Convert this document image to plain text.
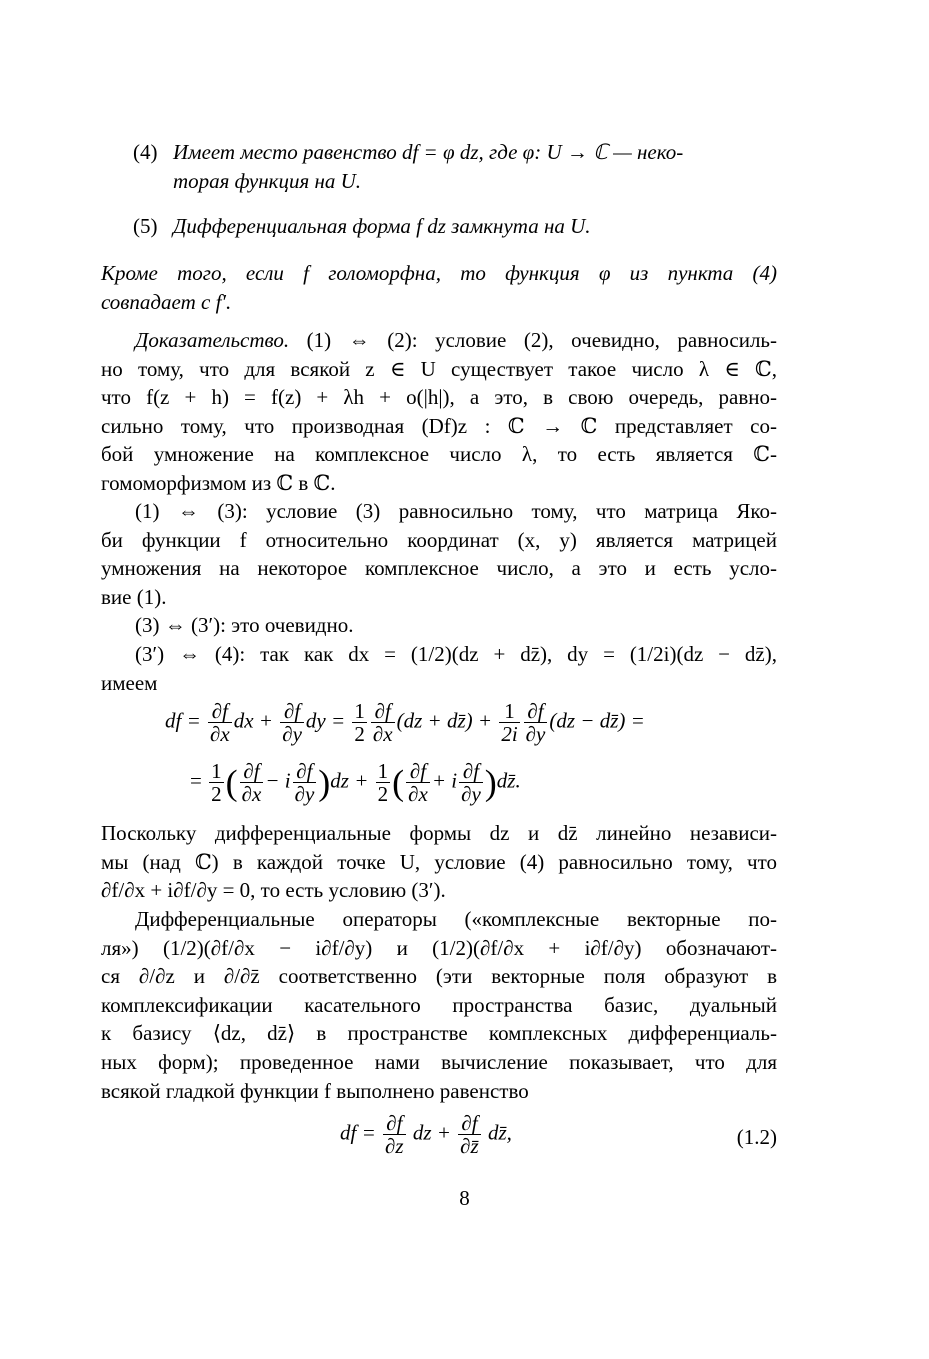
(4) Имеет место равенство df = φ dz, где φ: U → ℂ — неко-
торая функция на U.
(5) Дифференциальная форма f dz замкнута на U.
Кроме того, если f голоморфна, то функция φ из пункта (4)
совпадает с f′.
Доказательство. (1) ⇔ (2): условие (2), очевидно, равносиль-
но тому, что для всякой z ∈ U существует такое число λ ∈ ℂ,
что f(z + h) = f(z) + λh + o(|h|), а это, в свою очередь, равно-
сильно тому, что производная (Df)z : ℂ → ℂ представляет со-
бой умножение на комплексное число λ, то есть является ℂ-
гомоморфизмом из ℂ в ℂ.
(1) ⇔ (3): условие (3) равносильно тому, что матрица Яко-
би функции f относительно координат (x, y) является матрицей
умножения на некоторое комплексное число, а это и есть усло-
вие (1).
(3) ⇔ (3′): это очевидно.
(3′) ⇔ (4): так как dx = (1/2)(dz + dz̄), dy = (1/2i)(dz − dz̄),
имеем
df = $\frac{\partial f}{\partial x}$ dx + $\frac{\partial f}{\partial y}$ dy = $\frac{1}{2} \frac{\partial f}{\partial x} (dz$ + dz̄) + $\frac{1}{2i} \frac{\partial f}{\partial y} (dz$ − dz̄) =
= $\frac{1}{2}$ ( $\frac{\partial f}{\partial x} - i \frac{\partial f}{\partial y} )dz + \frac{1}{2}$ ( $\frac{\partial f}{\partial x} + i \frac{\partial f}{\partial y}$ )dz̄.
Поскольку дифференциальные формы dz и dz̄ линейно независи-
мы (над ℂ) в каждой точке U, условие (4) равносильно тому, что
∂f/∂x + i∂f/∂y = 0, то есть условию (3′).
Дифференциальные операторы («комплексные векторные по-
ля») (1/2)(∂f/∂x − i∂f/∂y) и (1/2)(∂f/∂x + i∂f/∂y) обозначают-
ся ∂/∂z и ∂/∂z̄ соответственно (эти векторные поля образуют в
комплексификации касательного пространства базис, дуальный
к базису ⟨dz, dz̄⟩ в пространстве комплексных дифференциаль-
ных форм); проведенное нами вычисление показывает, что для
всякой гладкой функции f выполнено равенство
df = $\frac{\partial f}{\partial z}$ dz + $\frac{\partial f}{\partial z̄}$ dz̄,	(1.2)
8
